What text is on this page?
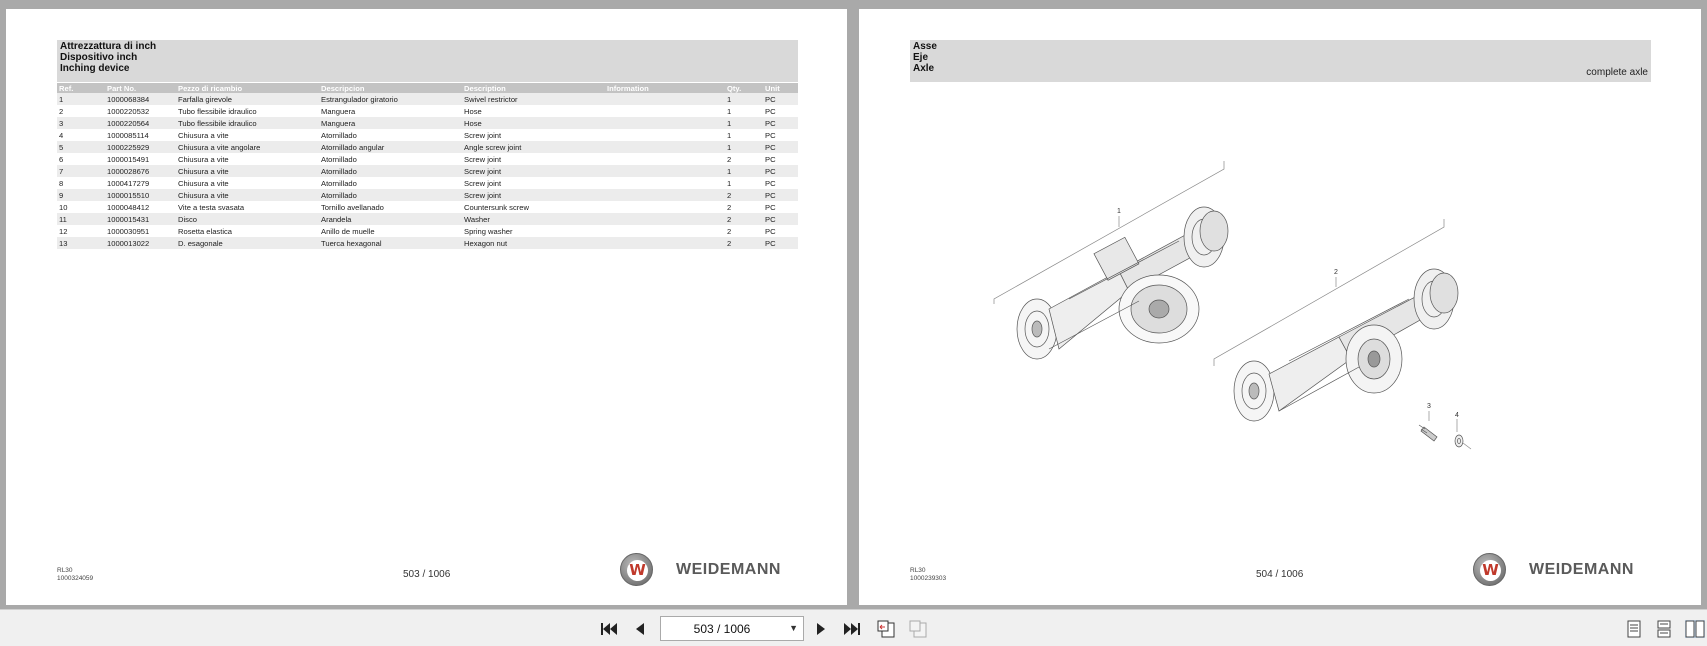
Attrezzattura di inch
Dispositivo inch
Inching device
Ref.	Part No.	Pezzo di ricambio	Descripcion	Description	Information	Qty.	Unit
1	1000068384	Farfalla girevole	Estrangulador giratorio	Swivel restrictor		1	PC
2	1000220532	Tubo flessibile idraulico	Manguera	Hose		1	PC
3	1000220564	Tubo flessibile idraulico	Manguera	Hose		1	PC
4	1000085114	Chiusura a vite	Atornillado	Screw joint		1	PC
5	1000225929	Chiusura a vite angolare	Atornillado angular	Angle screw joint		1	PC
6	1000015491	Chiusura a vite	Atornillado	Screw joint		2	PC
7	1000028676	Chiusura a vite	Atornillado	Screw joint		1	PC
8	1000417279	Chiusura a vite	Atornillado	Screw joint		1	PC
9	1000015510	Chiusura a vite	Atornillado	Screw joint		2	PC
10	1000048412	Vite a testa svasata	Tornillo avellanado	Countersunk screw		2	PC
11	1000015431	Disco	Arandela	Washer		2	PC
12	1000030951	Rosetta elastica	Anillo de muelle	Spring washer		2	PC
13	1000013022	D. esagonale	Tuerca hexagonal	Hexagon nut		2	PC
RL30
1000324059	503 / 1006	W WEIDEMANN
Asse
Eje
Axle	complete axle
1
2
3
4
RL30
1000239303	504 / 1006	W WEIDEMANN
503 / 1006	▼
